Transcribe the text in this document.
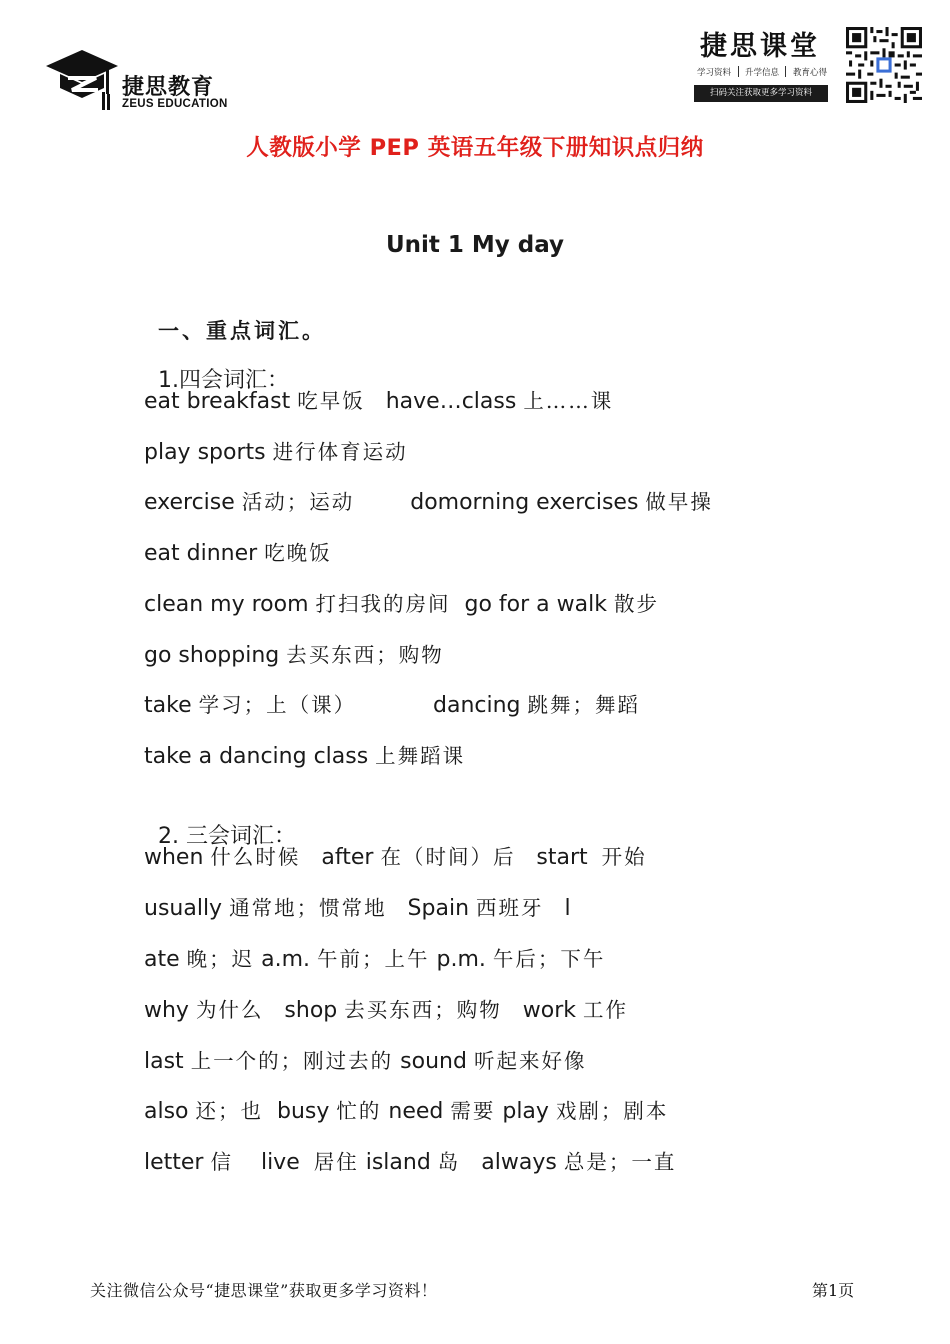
捷思教育
ZEUS EDUCATION
捷思课堂
学习资料	升学信息	教育心得
扫码关注获取更多学习资料
人教版小学 PEP 英语五年级下册知识点归纳
Unit 1 My day

一、重点词汇。

1.四会词汇：

eat breakfast 吃早饭   have…class 上……课
play sports 进行体育运动
exercise 活动；运动        domorning exercises 做早操
eat dinner 吃晚饭
clean my room 打扫我的房间  go for a walk 散步
go shopping 去买东西；购物
take 学习；上（课）           dancing 跳舞；舞蹈
take a dancing class 上舞蹈课
when 什么时候   after 在（时间）后   start  开始
usually 通常地；惯常地   Spain 西班牙   l
ate 晚；迟 a.m. 午前；上午 p.m. 午后；下午
why 为什么   shop 去买东西；购物   work 工作
last 上一个的；刚过去的 sound 听起来好像
also 还；也  busy 忙的 need 需要 play 戏剧；剧本
letter 信    live  居住 island 岛   always 总是；一直

2. 三会词汇：

关注微信公众号“捷思课堂”获取更多学习资料！	第1页
